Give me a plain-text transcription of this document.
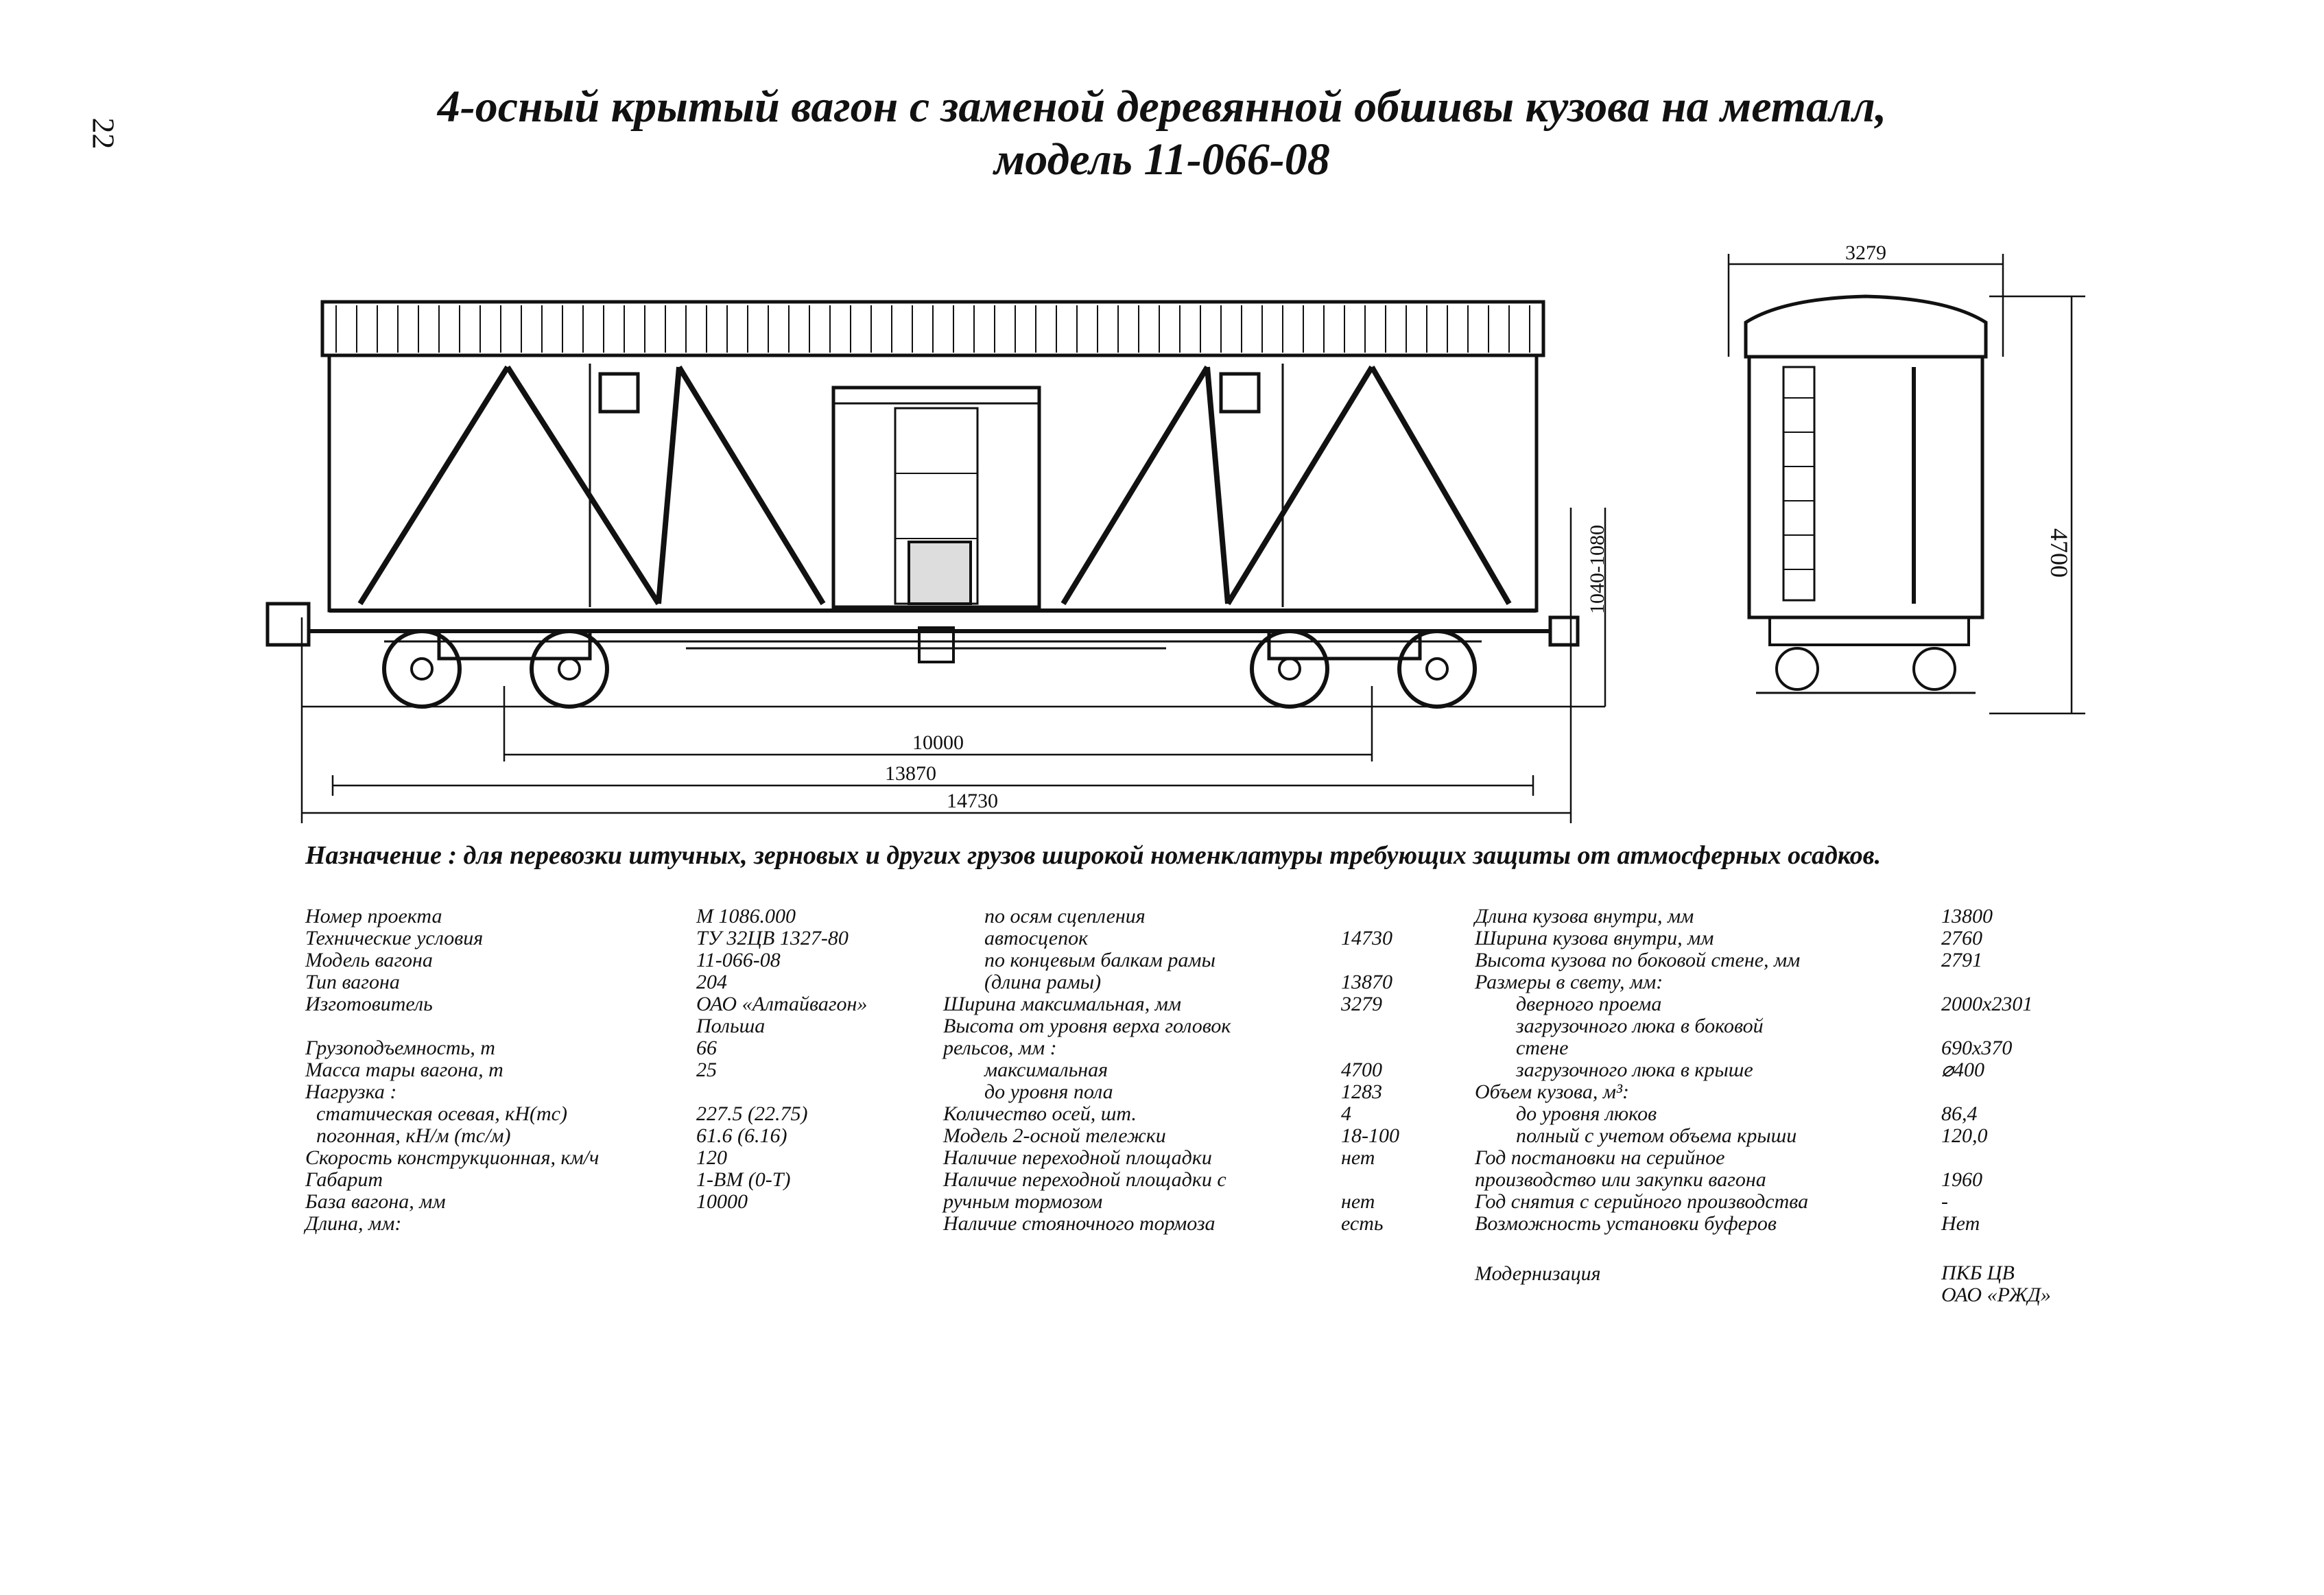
22
4-осный крытый вагон с заменой деревянной обшивы кузова на металл,
модель 11-066-08
10000
13870
14730
1040-1080
3279
4700
Назначение : для перевозки штучных, зерновых и других грузов широкой номенклатуры требующих защиты от атмосферных осадков.
Номер проекта	М 1086.000
Технические условия	ТУ 32ЦВ 1327-80
Модель вагона	11-066-08
Тип вагона	204
Изготовитель	ОАО «Алтайвагон»
Польша
Грузоподъемность, т	66
Масса тары вагона, т	25
Нагрузка :
статическая осевая, кН(тс)	227.5 (22.75)
погонная, кН/м (тс/м)	61.6 (6.16)
Скорость конструкционная, км/ч	120
Габарит	1-ВМ (0-Т)
База вагона, мм	10000
Длина, мм:
по осям сцепления
автосцепок	14730
по концевым балкам рамы
(длина рамы)	13870
Ширина максимальная, мм	3279
Высота от уровня верха головок
рельсов, мм :
максимальная	4700
до уровня пола	1283
Количество осей, шт.	4
Модель 2-осной тележки	18-100
Наличие переходной площадки	нет
Наличие переходной площадки с
ручным тормозом	нет
Наличие стояночного тормоза	есть
Длина кузова внутри, мм	13800
Ширина кузова внутри, мм	2760
Высота кузова по боковой стене, мм	2791
Размеры в свету, мм:
дверного проема	2000х2301
загрузочного люка в боковой
стене	690х370
загрузочного люка в крыше	⌀400
Объем кузова, м³:
до уровня люков	86,4
полный с учетом объема крыши	120,0
Год постановки на серийное
производство или закупки вагона	1960
Год снятия с серийного производства	-
Возможность установки буферов	Нет
Модернизация	ПКБ ЦВ
ОАО «РЖД»
